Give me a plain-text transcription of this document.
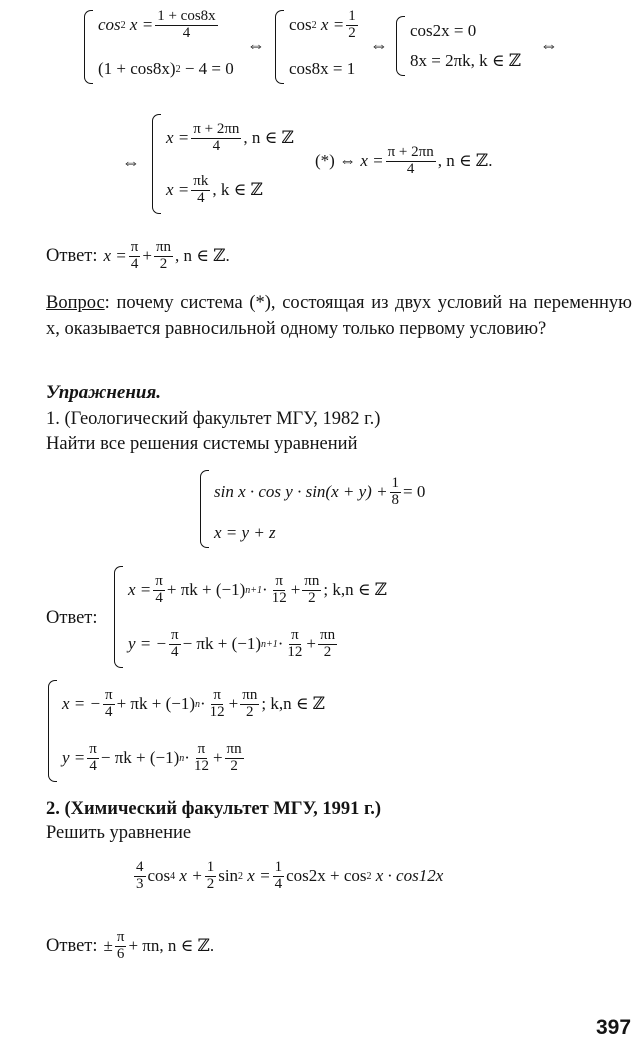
cos 2
$x = \frac{1 + \cos 8x}{4}$
(1 + cos8x) 2
− 4 = 0
⇔
cos 2
$x = \frac{1}{2}$
cos8x = 1
⇔
cos2x = 0
8x = 2πk, k ∈ ℤ
⇔
⇔
$x = \frac{\pi + 2\pi n}{4}$ , n ∈ ℤ
$x = \frac{\pi k}{4}$ , k ∈ ℤ
(*) ⇔
$x = \frac{\pi + 2\pi n}{4}$ , n ∈ ℤ.
Ответ: $x = \frac{\pi}{4} + \frac{\pi n}{2}$ , n ∈ ℤ.
Вопрос: почему система (*), состоящая из двух условий на переменную x, оказывается равносильной одному только первому условию?
Упражнения.
1. (Геологический факультет МГУ, 1982 г.)
Найти все решения системы уравнений
$\sin x \cdot \cos y \cdot \sin(x + y) + \frac{1}{8} = 0$
x = y + z
Ответ:
$x = \frac{\pi}{4} + \pi k + (-1) n+1 \cdot \frac{\pi}{12} + \frac{\pi n}{2}$ ; k,n ∈ ℤ
y = − $\frac{\pi}{4} - \pi k + (-1) n+1 \cdot \frac{\pi}{12} + \frac{\pi n}{2}$
x = − $\frac{\pi}{4} + \pi k + (-1) n \cdot \frac{\pi}{12} + \frac{\pi n}{2}$ ; k,n ∈ ℤ
$y = \frac{\pi}{4} - \pi k + (-1) n \cdot \frac{\pi}{12} + \frac{\pi n}{2}$
2. (Химический факультет МГУ, 1991 г.)
Решить уравнение
$\frac{4}{3}$ cos 4
$x + \frac{1}{2}$ sin 2
$x = \frac{1}{4} \cos 2x + \cos 2$
x · cos12x
Ответ: ± $\frac{\pi}{6} + \pi n$, n ∈ ℤ.
397
